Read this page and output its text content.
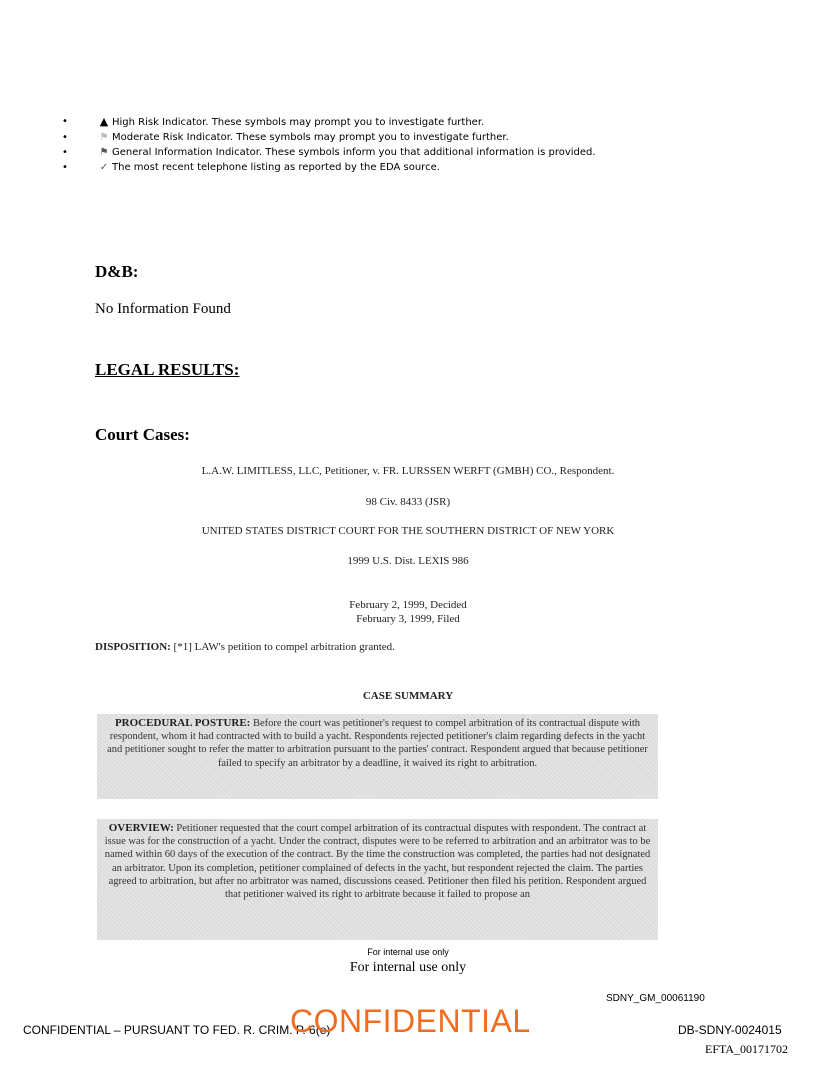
•	▲ High Risk Indicator. These symbols may prompt you to investigate further.
•	⚑ Moderate Risk Indicator. These symbols may prompt you to investigate further.
•	⚑ General Information Indicator. These symbols inform you that additional information is provided.
•	✓ The most recent telephone listing as reported by the EDA source.
D&B:
No Information Found
LEGAL RESULTS:
Court Cases:
L.A.W. LIMITLESS, LLC, Petitioner, v. FR. LURSSEN WERFT (GMBH) CO., Respondent.
98 Civ. 8433 (JSR)
UNITED STATES DISTRICT COURT FOR THE SOUTHERN DISTRICT OF NEW YORK
1999 U.S. Dist. LEXIS 986
February 2, 1999, Decided
February 3, 1999, Filed
DISPOSITION: [*1] LAW's petition to compel arbitration granted.
CASE SUMMARY
PROCEDURAL POSTURE: Before the court was petitioner's request to compel arbitration of its contractual dispute with respondent, whom it had contracted with to build a yacht. Respondents rejected petitioner's claim regarding defects in the yacht and petitioner sought to refer the matter to arbitration pursuant to the parties' contract. Respondent argued that because petitioner failed to specify an arbitrator by a deadline, it waived its right to arbitration.
OVERVIEW: Petitioner requested that the court compel arbitration of its contractual disputes with respondent. The contract at issue was for the construction of a yacht. Under the contract, disputes were to be referred to arbitration and an arbitrator was to be named within 60 days of the execution of the contract. By the time the construction was completed, the parties had not designated an arbitrator. Upon its completion, petitioner complained of defects in the yacht, but respondent rejected the claim. The parties agreed to arbitration, but after no arbitrator was named, discussions ceased. Petitioner then filed his petition. Respondent argued that petitioner waived its right to arbitrate because it failed to propose an
For internal use only
For internal use only
SDNY_GM_00061190
CONFIDENTIAL – PURSUANT TO FED. R. CRIM. P. 6(e)
CONFIDENTIAL	DB-SDNY-0024015
EFTA_00171702
